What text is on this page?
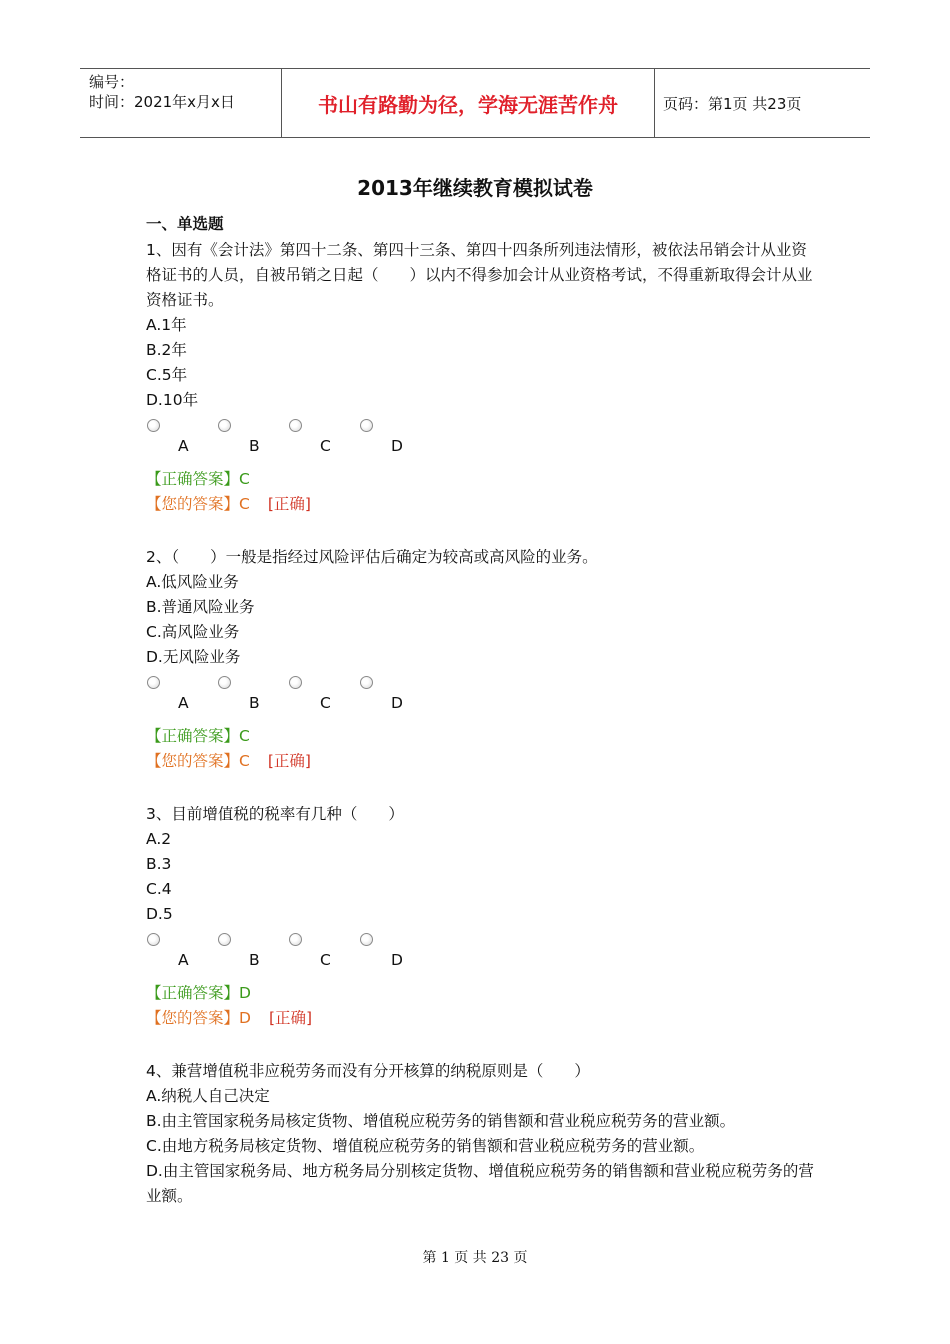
编号：
时间：2021年x月x日	书山有路勤为径，学海无涯苦作舟	页码：第1页 共23页
2013年继续教育模拟试卷
一、单选题

1、因有《会计法》第四十二条、第四十三条、第四十四条所列违法情形，被依法吊销会计从业资格证书的人员，自被吊销之日起（　　）以内不得参加会计从业资格考试，不得重新取得会计从业资格证书。

A.1年
B.2年
C.5年
D.10年
A	B	C	D
【正确答案】C
【您的答案】C [正确]

2、（　　）一般是指经过风险评估后确定为较高或高风险的业务。

A.低风险业务
B.普通风险业务
C.高风险业务
D.无风险业务
A	B	C	D
【正确答案】C
【您的答案】C [正确]

3、目前增值税的税率有几种（　　）

A.2
B.3
C.4
D.5
A	B	C	D
【正确答案】D
【您的答案】D [正确]

4、兼营增值税非应税劳务而没有分开核算的纳税原则是（　　）

A.纳税人自己决定
B.由主管国家税务局核定货物、增值税应税劳务的销售额和营业税应税劳务的营业额。
C.由地方税务局核定货物、增值税应税劳务的销售额和营业税应税劳务的营业额。
D.由主管国家税务局、地方税务局分别核定货物、增值税应税劳务的销售额和营业税应税劳务的营业额。
第 1 页 共 23 页
